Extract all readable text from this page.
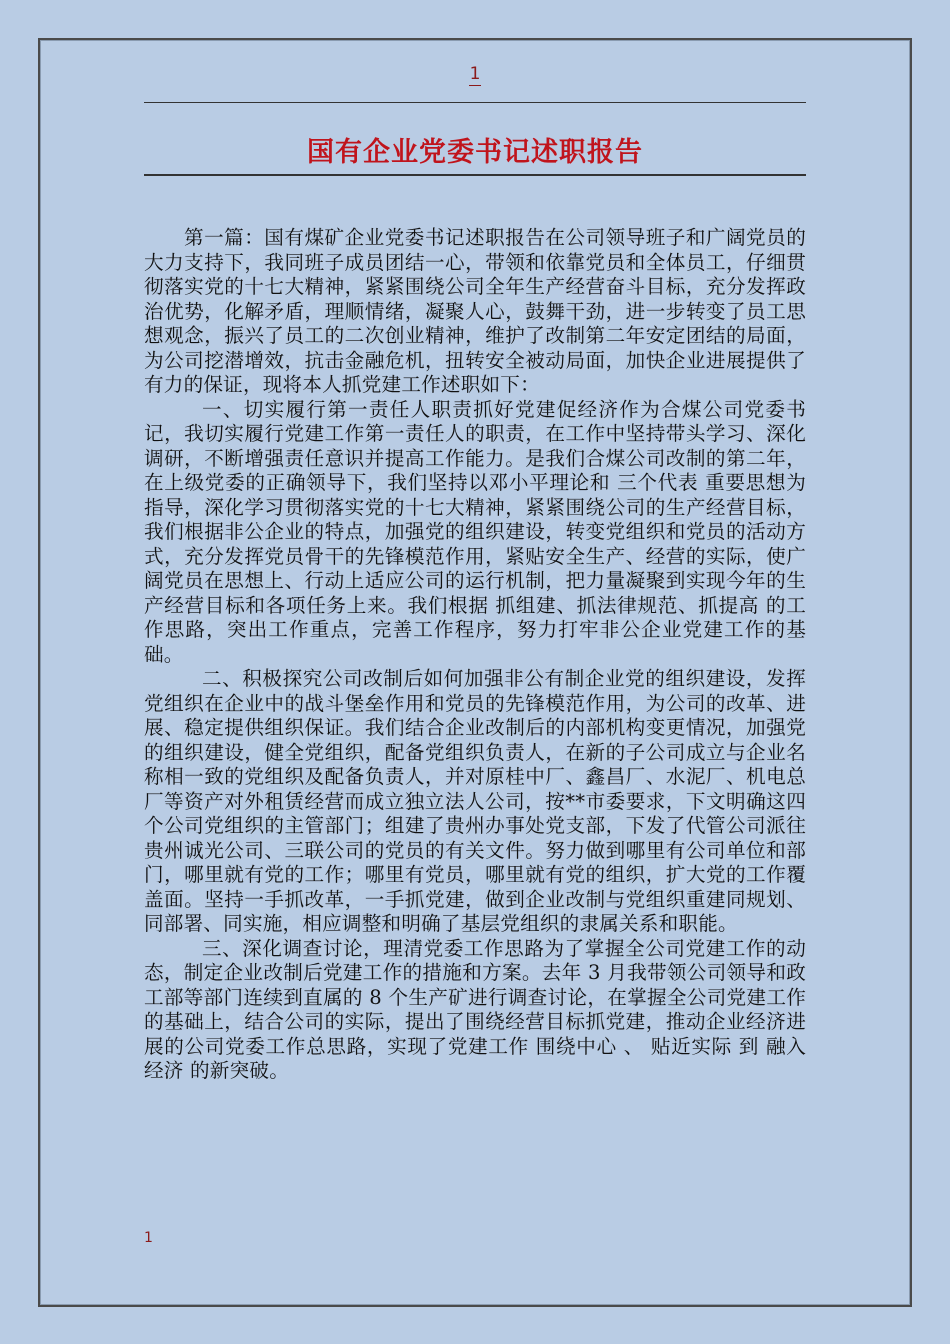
1
国有企业党委书记述职报告

第一篇：国有煤矿企业党委书记述职报告在公司领导班子和广阔党员的大力支持下，我同班子成员团结一心，带领和依靠党员和全体员工，仔细贯彻落实党的十七大精神，紧紧围绕公司全年生产经营奋斗目标，充分发挥政治优势，化解矛盾，理顺情绪，凝聚人心，鼓舞干劲，进一步转变了员工思想观念，振兴了员工的二次创业精神，维护了改制第二年安定团结的局面，为公司挖潜增效，抗击金融危机，扭转安全被动局面，加快企业进展提供了有力的保证，现将本人抓党建工作述职如下：

一、切实履行第一责任人职责抓好党建促经济作为合煤公司党委书记，我切实履行党建工作第一责任人的职责，在工作中坚持带头学习、深化调研，不断增强责任意识并提高工作能力。是我们合煤公司改制的第二年，在上级党委的正确领导下，我们坚持以邓小平理论和 三个代表 重要思想为指导，深化学习贯彻落实党的十七大精神，紧紧围绕公司的生产经营目标，我们根据非公企业的特点，加强党的组织建设，转变党组织和党员的活动方式，充分发挥党员骨干的先锋模范作用，紧贴安全生产、经营的实际，使广阔党员在思想上、行动上适应公司的运行机制，把力量凝聚到实现今年的生产经营目标和各项任务上来。我们根据 抓组建、抓法律规范、抓提高 的工作思路，突出工作重点，完善工作程序，努力打牢非公企业党建工作的基础。

二、积极探究公司改制后如何加强非公有制企业党的组织建设，发挥党组织在企业中的战斗堡垒作用和党员的先锋模范作用，为公司的改革、进展、稳定提供组织保证。我们结合企业改制后的内部机构变更情况，加强党的组织建设，健全党组织，配备党组织负责人，在新的子公司成立与企业名称相一致的党组织及配备负责人，并对原桂中厂、鑫昌厂、水泥厂、机电总厂等资产对外租赁经营而成立独立法人公司，按**市委要求，下文明确这四个公司党组织的主管部门；组建了贵州办事处党支部，下发了代管公司派往贵州诚光公司、三联公司的党员的有关文件。努力做到哪里有公司单位和部门，哪里就有党的工作；哪里有党员，哪里就有党的组织，扩大党的工作覆盖面。坚持一手抓改革，一手抓党建，做到企业改制与党组织重建同规划、同部署、同实施，相应调整和明确了基层党组织的隶属关系和职能。

三、深化调查讨论，理清党委工作思路为了掌握全公司党建工作的动态，制定企业改制后党建工作的措施和方案。去年 3 月我带领公司领导和政工部等部门连续到直属的 8 个生产矿进行调查讨论，在掌握全公司党建工作的基础上，结合公司的实际，提出了围绕经营目标抓党建，推动企业经济进展的公司党委工作总思路，实现了党建工作 围绕中心 、 贴近实际 到 融入经济 的新突破。

1
